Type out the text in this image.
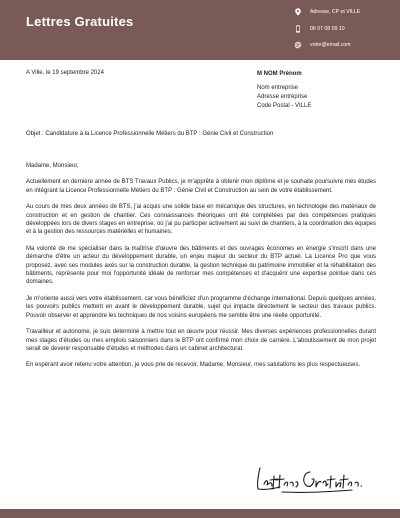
Lettres Gratuites
Adresse, CP et VILLE
06 07 08 09 10
votre@email.com
A Ville, le 19 septembre 2024	M NOM Prénom
Nom entreprise
Adresse entreprise
Code Postal - VILLE
Objet : Candidature à la Licence Professionnelle Métiers du BTP : Génie Civil et Construction

Madame, Monsieur,

Actuellement en dernière année de BTS Travaux Publics, je m'apprête à obtenir mon diplôme et je souhaite poursuivre mes études en intégrant la Licence Professionnelle Métiers du BTP : Génie Civil et Construction au sein de votre établissement.

Au cours de mes deux années de BTS, j'ai acquis une solide base en mécanique des structures, en technologie des matériaux de construction et en gestion de chantier. Ces connaissances théoriques ont été complétées par des compétences pratiques développées lors de divers stages en entreprise, où j'ai pu participer activement au suivi de chantiers, à la coordination des équipes et à la gestion des ressources matérielles et humaines.

Ma volonté de me spécialiser dans la maîtrise d'œuvre des bâtiments et des ouvrages économes en énergie s'inscrit dans une démarche d'être un acteur du développement durable, un enjeu majeur du secteur du BTP actuel. La Licence Pro que vous proposez, avec ses modules axés sur la construction durable, la gestion technique du patrimoine immobilier et la réhabilitation des bâtiments, représente pour moi l'opportunité idéale de renforcer mes compétences et d'acquérir une expertise pointue dans ces domaines.

Je m'oriente aussi vers votre établissement, car vous bénéficiez d'un programme d'échange international. Depuis quelques années, les pouvoirs publics mettent en avant le développement durable, sujet qui impacte directement le secteur des travaux publics. Pouvoir observer et apprendre les techniques de nos voisins européens me semble être une réelle opportunité.

Travailleur et autonome, je suis déterminé à mettre tout en œuvre pour réussir. Mes diverses expériences professionnelles durant mes stages d'études ou mes emplois saisonniers dans le BTP ont confirmé mon choix de carrière. L'aboutissement de mon projet serait de devenir responsable d'études et méthodes dans un cabinet architectural.

En espérant avoir retenu votre attention, je vous prie de recevoir, Madame, Monsieur, mes salutations les plus respectueuses.
